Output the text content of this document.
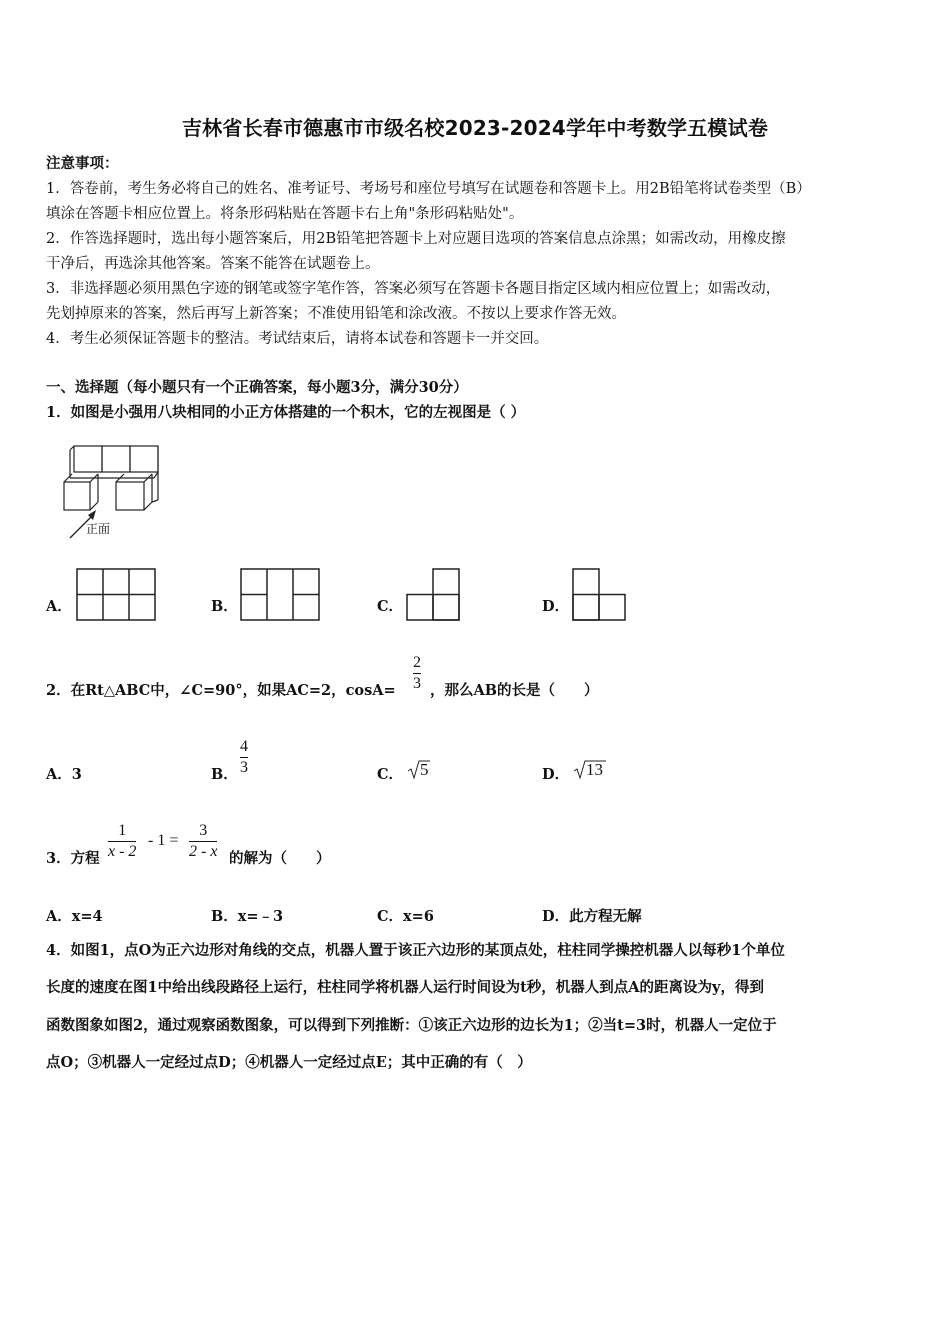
吉林省长春市德惠市市级名校2023-2024学年中考数学五模试卷
注意事项：
1．答卷前，考生务必将自己的姓名、准考证号、考场号和座位号填写在试题卷和答题卡上。用2B铅笔将试卷类型（B）
填涂在答题卡相应位置上。将条形码粘贴在答题卡右上角"条形码粘贴处"。
2．作答选择题时，选出每小题答案后，用2B铅笔把答题卡上对应题目选项的答案信息点涂黑；如需改动，用橡皮擦
干净后，再选涂其他答案。答案不能答在试题卷上。
3．非选择题必须用黑色字迹的钢笔或签字笔作答，答案必须写在答题卡各题目指定区域内相应位置上；如需改动，
先划掉原来的答案，然后再写上新答案；不准使用铅笔和涂改液。不按以上要求作答无效。
4．考生必须保证答题卡的整洁。考试结束后，请将本试卷和答题卡一并交回。
一、选择题（每小题只有一个正确答案，每小题3分，满分30分）
1．如图是小强用八块相同的小正方体搭建的一个积木，它的左视图是（ ）
正面
A．	B．	C．	D．
2．在Rt△ABC中，∠C=90°，如果AC=2，cosA=
2
3 ，那么AB的长是（　　）
A．3	B．
4
3	C． 5	D． 13
3．方程
1
x - 2
- 1 =
3
2 - x 的解为（　　）
A．x=4	B．x=﹣3	C．x=6	D．此方程无解
4．如图1，点O为正六边形对角线的交点，机器人置于该正六边形的某顶点处，柱柱同学操控机器人以每秒1个单位
长度的速度在图1中给出线段路径上运行，柱柱同学将机器人运行时间设为t秒，机器人到点A的距离设为y，得到
函数图象如图2，通过观察函数图象，可以得到下列推断：①该正六边形的边长为1；②当t=3时，机器人一定位于
点O；③机器人一定经过点D；④机器人一定经过点E；其中正确的有（　）
